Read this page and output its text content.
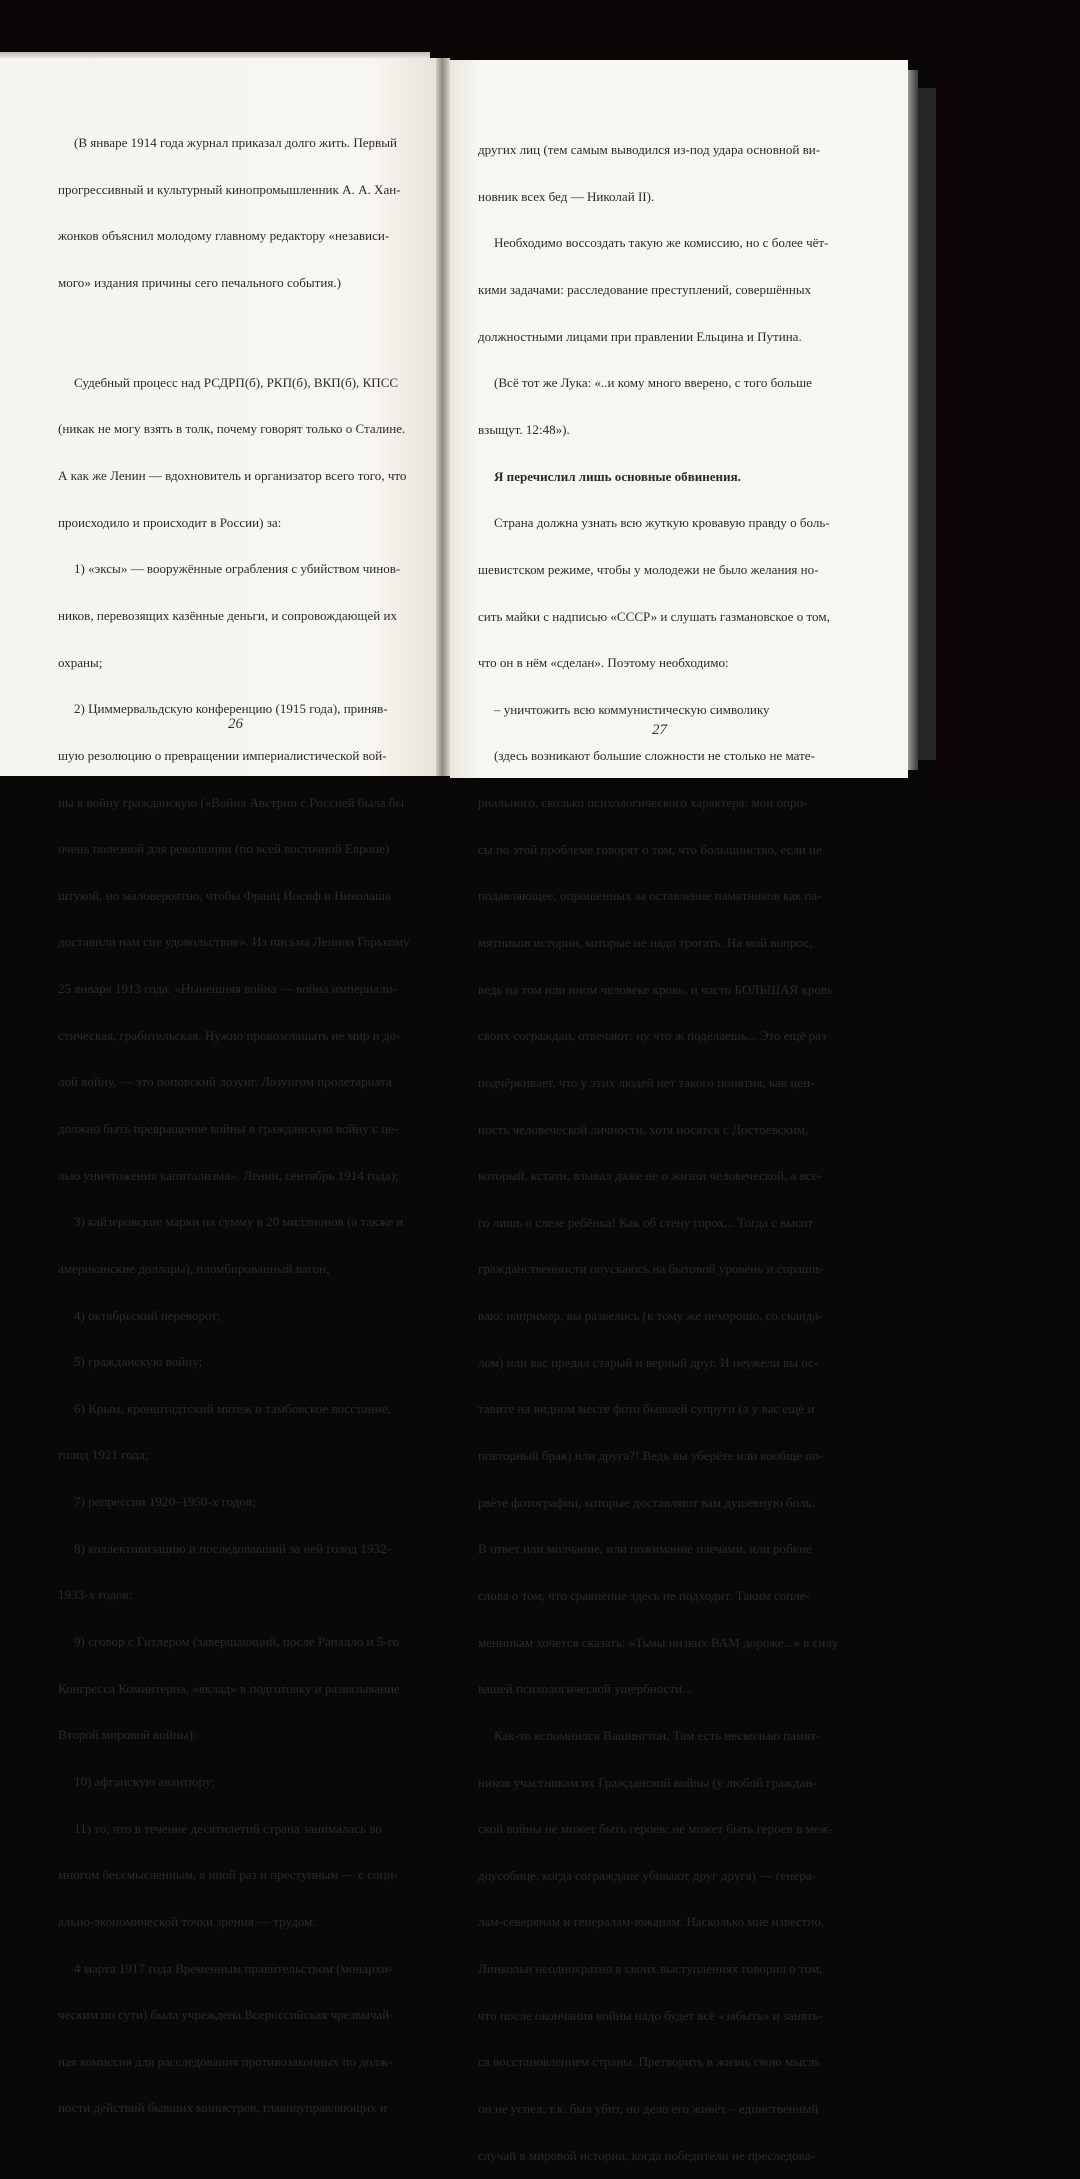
(В январе 1914 года журнал приказал долго жить. Первый

прогрессивный и культурный кинопромышленник А. А. Хан-

жонков объяснил молодому главному редактору «независи-

мого» издания причины сего печального события.)

Судебный процесс над РСДРП(б), РКП(б), ВКП(б), КПСС

(никак не могу взять в толк, почему говорят только о Сталине.

А как же Ленин — вдохновитель и организатор всего того, что

происходило и происходит в России) за:

1) «эксы» — вооружённые ограбления с убийством чинов-

ников, перевозящих казённые деньги, и сопровождающей их

охраны;

2) Циммервальдскую конференцию (1915 года), приняв-

шую резолюцию о превращении империалистической вой-

ны в войну гражданскую («Война Австрии с Россией была бы

очень полезной для революции (по всей восточной Европе)

штукой, но маловероятно, чтобы Франц Иосиф и Николаша

доставили нам сие удовольствие». Из письма Ленина Горькому

25 января 1913 года. «Нынешняя война — война империали-

стическая, грабительская. Нужно провозглашать не мир и до-

лой войну, — это поповский лозунг. Лозунгом пролетариата

должно быть превращение войны в гражданскую войну с це-

лью уничтожения капитализма». Ленин, сентябрь 1914 года);

3) кайзеровские марки на сумму в 20 миллионов (а также и

американские доллары), пломбированный вагон;

4) октябрьский переворот;

5) гражданскую войну;

6) Крым, кронштадтский мятеж и тамбовское восстание,

голод 1921 года;

7) репрессии 1920–1950-х годов;

8) коллективизацию и последовавший за ней голод 1932–

1933-х годов;

9) сговор с Гитлером (завершающий, после Рапалло и 5-го

Конгресса Коминтерна, «вклад» в подготовку и развязывание

Второй мировой войны):

10) афганскую авантюру;

11) то, что в течение десятилетий страна занималась во

многом бессмысленным, а иной раз и преступным — с соци-

ально-экономической точки зрения — трудом.

4 марта 1917 года Временным правительством (монархи-

ческим по сути) была учреждена Всероссийская чрезвычай-

ная комиссия для расследования противозаконных по долж-

ности действий бывших министров, главноуправляющих и

26

других лиц (тем самым выводился из-под удара основной ви-

новник всех бед — Николай II).

Необходимо воссоздать такую же комиссию, но с более чёт-

кими задачами: расследование преступлений, совершённых

должностными лицами при правлении Ельцина и Путина.

(Всё тот же Лука: «..и кому много вверено, с того больше

взыщут. 12:48»).

Я перечислил лишь основные обвинения.

Страна должна узнать всю жуткую кровавую правду о боль-

шевистском режиме, чтобы у молодежи не было желания но-

сить майки с надписью «СССР» и слушать газмановское о том,

что он в нём «сделан». Поэтому необходимо:

– уничтожить всю коммунистическую символику

(здесь возникают большие сложности не столько не мате-

риального, сколько психологического характера: мои опро-

сы по этой проблеме говорят о том, что большинство, если не

подавляющее, опрошенных за оставление памятников как па-

мятников истории, которые не надо трогать. На мой вопрос,

ведь на том или ином человеке кровь, и часто БОЛЬШАЯ кровь

своих сограждан, отвечают: ну что ж поделаешь... Это ещё раз

подчёркивает, что у этих людей нет такого понятия, как цен-

ность человеческой личности, хотя носятся с Достоевским,

который, кстати, взывал даже не о жизни человеческой, а все-

го лишь о слезе ребёнка! Как об стену горох... Тогда с высот

гражданственности опускаюсь на бытовой уровень и спраши-

ваю: например, вы развелись (к тому же нехорошо, со сканда-

лом) или вас предал старый и верный друг. И неужели вы ос-

тавите на видном месте фото бывшей супруги (а у вас ещё и

повторный брак) или друга?! Ведь вы уберёте или вообще по-

рвёте фотографии, которые доставляют вам душевную боль.

В ответ или молчание, или пожимание плечами, или робкие

слова о том, что сравнение здесь не подходит. Таким сопле-

менникам хочется сказать: «Тьмы низких ВАМ дороже...» в силу

вашей психологической ущербности...

Как-то вспомнился Вашингтон. Там есть несколько памят-

ников участникам их Гражданской войны (у любой граждан-

ской войны не может быть героев: не может быть героев в меж-

доусобице, когда сограждане убивают друг друга) — генера-

лам-северянам и генералам-южанам. Насколько мне известно,

Линкольн неоднократно в своих выступлениях говорил о том,

что после окончания войны надо будет всё «забыть» и занять-

ся восстановлением страны. Претворить в жизнь свою мысль

он не успел, т.к. был убит, но дело его живёт – единственный

случай в мировой истории, когда победители не преследова-

27
